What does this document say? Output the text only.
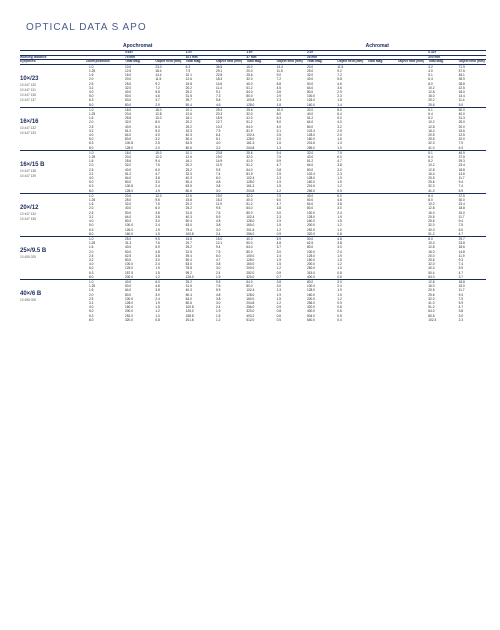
OPTICAL DATA S APO
		Apochromat								Achromat			
		0.63×		1.0×		1.6×		2.0×				0.32×	
Working distance		75 mm		101 mm		37 mm		25 mm				200 mm	
Eyepieces	Zoom positions	Total Mag.	Object field (mm)	Total Mag.	Object field (mm)	Total Mag.	Object field (mm)	Total Mag.	Object field (mm)	Total Mag.	Object field (mm)	Total Mag.	Object field (mm)

10×/23
10 447 130
10 447 131
10 447 136
10 447 137	1.0	10.0	23.0	6.3	36.5	16.0	14.4	20.0	11.5			3.2	71.9
	1.25	12.5	18.4	7.9	29.1	20.0	11.5	25.0	9.2			4.0	57.5
	1.6	16.0	14.4	10.1	22.8	25.6	9.0	32.0	7.2			5.1	45.1
	2.0	20.0	11.5	12.6	18.3	32.0	7.2	40.0	5.8			6.4	35.9
	2.5	25.0	9.2	15.8	14.6	40.0	5.8	50.0	4.6			8.0	28.8
	3.2	32.0	7.2	20.2	11.4	51.2	4.5	64.0	3.6			10.2	22.5
	4.0	40.0	5.8	25.2	9.1	64.0	3.6	80.0	2.9			12.8	18.0
	5.0	50.0	4.6	31.5	7.3	80.0	2.9	100.0	2.3			16.0	14.4
	6.3	63.0	3.7	39.7	5.8	100.8	2.3	126.0	1.8			20.2	11.4
	8.0	80.0	2.9	50.4	4.6	128.0	1.8	160.0	1.4			25.6	9.0

16×/16
10 447 132
10 447 133	1.0	16.0	16.0	10.1	25.4	25.6	10.0	32.0	8.0			5.1	50.0
	1.25	20.0	12.8	12.6	20.3	32.0	8.0	40.0	6.4			6.4	40.0
	1.6	25.6	10.0	16.1	15.9	41.0	6.3	51.2	5.0			8.2	31.3
	2.0	32.0	8.0	20.2	12.7	51.2	5.0	64.0	4.0			10.2	25.0
	2.5	40.0	6.4	25.2	10.2	64.0	4.0	80.0	3.2			12.8	20.0
	3.2	51.2	5.0	32.3	7.9	81.9	3.1	102.4	2.5			16.4	15.6
	4.0	64.0	4.0	40.3	6.4	102.4	2.5	128.0	2.0			20.5	12.5
	5.0	80.0	3.2	50.4	5.1	128.0	2.0	160.0	1.6			25.6	10.0
	6.3	100.8	2.5	63.5	4.0	161.3	1.6	201.6	1.3			32.3	7.9
	8.0	128.0	2.0	80.6	3.2	204.8	1.3	256.0	1.0			41.0	6.3

16×/15 B
10 447 138
10 447 139	1.0	16.0	15.0	10.1	23.8	25.6	9.4	32.0	7.5			5.1	46.9
	1.25	20.0	12.0	12.6	19.0	32.0	7.5	40.0	6.0			6.4	37.5
	1.6	25.6	9.4	16.1	14.9	41.0	5.9	51.2	4.7			8.2	29.3
	2.0	32.0	7.5	20.2	11.9	51.2	4.7	64.0	3.8			10.2	23.4
	2.5	40.0	6.0	25.2	9.5	64.0	3.8	80.0	3.0			12.8	18.8
	3.2	51.2	4.7	32.3	7.4	81.9	2.9	102.4	2.3			16.4	14.6
	4.0	64.0	3.8	40.3	6.0	102.4	2.3	128.0	1.9			20.5	11.7
	5.0	80.0	3.0	50.4	4.8	128.0	1.9	160.0	1.5			25.6	9.4
	6.3	100.8	2.4	63.5	3.8	161.3	1.5	201.6	1.2			32.3	7.4
	8.0	128.0	1.9	80.6	3.0	204.8	1.2	256.0	0.9			41.0	5.9

20×/12
10 447 134
10 447 135	1.0	20.0	12.0	12.6	19.0	32.0	7.5	40.0	6.0			6.4	37.5
	1.25	25.0	9.6	15.8	15.2	40.0	6.0	50.0	4.8			8.0	30.0
	1.6	32.0	7.5	20.2	11.9	51.2	4.7	64.0	3.8			10.2	23.4
	2.0	40.0	6.0	25.2	9.5	64.0	3.8	80.0	3.0			12.8	18.8
	2.5	50.0	4.8	31.5	7.6	80.0	3.0	100.0	2.4			16.0	15.0
	3.2	64.0	3.8	40.3	5.9	102.4	2.3	128.0	1.9			20.5	11.7
	4.0	80.0	3.0	50.4	4.8	128.0	1.9	160.0	1.5			25.6	9.4
	5.0	100.0	2.4	63.0	3.8	160.0	1.5	200.0	1.2			32.0	7.5
	6.3	126.0	1.9	79.4	3.0	201.6	1.2	252.0	1.0			40.3	6.0
	8.0	160.0	1.5	100.8	2.4	256.0	0.9	320.0	0.8			51.2	4.7

25×/9.5 B
10 450 025	1.0	25.0	9.5	15.8	15.0	40.0	5.9	50.0	4.8			8.0	29.7
	1.25	31.3	7.6	19.7	12.1	50.0	4.8	62.5	3.8			10.0	23.8
	1.6	40.0	5.9	25.2	9.4	64.0	3.7	80.0	3.0			12.8	18.6
	2.0	50.0	4.8	31.5	7.5	80.0	3.0	100.0	2.4			16.0	14.8
	2.5	62.5	3.8	39.4	6.0	100.0	2.4	125.0	1.9			20.0	11.9
	3.2	80.0	3.0	50.4	4.7	128.0	1.9	160.0	1.5			25.6	9.3
	4.0	100.0	2.4	63.0	3.8	160.0	1.5	200.0	1.2			32.0	7.4
	5.0	125.0	1.9	78.8	3.0	200.0	1.2	250.0	1.0			40.0	5.9
	6.3	157.5	1.5	99.2	2.4	252.0	0.9	315.0	0.8			50.4	4.7
	8.0	200.0	1.2	126.0	1.9	320.0	0.7	400.0	0.6			64.0	3.7

40×/6 B
10 450 026	1.0	40.0	6.0	25.2	9.5	64.0	3.8	80.0	3.0			12.8	18.8
	1.25	50.0	4.8	31.5	7.6	80.0	3.0	100.0	2.4			16.0	15.0
	1.6	64.0	3.8	40.3	5.9	102.4	2.3	128.0	1.9			20.5	11.7
	2.0	80.0	3.0	50.4	4.8	128.0	1.9	160.0	1.5			25.6	9.4
	2.5	100.0	2.4	63.0	3.8	160.0	1.5	200.0	1.2			32.0	7.5
	3.2	128.0	1.9	80.6	3.0	204.8	1.2	256.0	0.9			41.0	5.9
	4.0	160.0	1.5	100.8	2.4	256.0	0.9	320.0	0.8			51.2	4.7
	5.0	200.0	1.2	126.0	1.9	320.0	0.8	400.0	0.6			64.0	3.8
	6.3	252.0	1.0	158.8	1.5	403.2	0.6	504.0	0.5			80.6	3.0
	8.0	320.0	0.8	201.6	1.2	512.0	0.5	640.0	0.4			102.4	2.3
